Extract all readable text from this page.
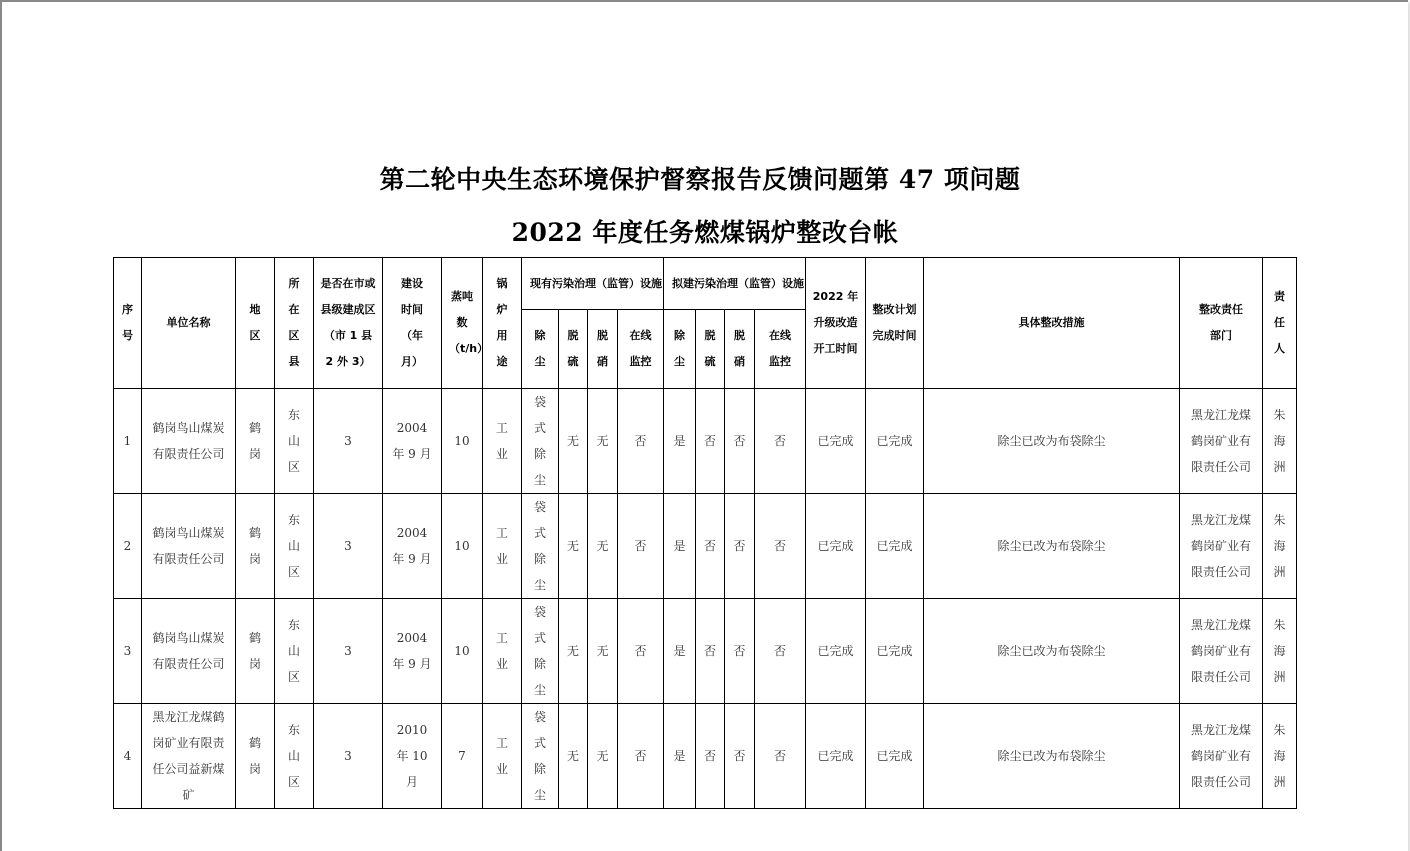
第二轮中央生态环境保护督察报告反馈问题第 47 项问题
2022 年度任务燃煤锅炉整改台帐
序号	单位名称	地区	所在区县	是否在市或县级建成区（市 1 县 2 外 3）	建设时间（年月）	蒸吨数（t/h）	锅炉用途	现有污染治理（监管）设施				拟建污染治理（监管）设施				2022 年升级改造开工时间	整改计划完成时间	具体整改措施	整改责任部门	责任人

								除尘	脱硫	脱硝	在线监控	除尘	脱硫	脱硝	在线监控					

1	鹤岗鸟山煤炭有限责任公司	鹤岗	东山区	3	2004 年 9 月	10	工业	袋式除尘	无	无	否	是	否	否	否	已完成	已完成	除尘已改为布袋除尘	黑龙江龙煤鹤岗矿业有限责任公司	朱海洲

2	鹤岗鸟山煤炭有限责任公司	鹤岗	东山区	3	2004 年 9 月	10	工业	袋式除尘	无	无	否	是	否	否	否	已完成	已完成	除尘已改为布袋除尘	黑龙江龙煤鹤岗矿业有限责任公司	朱海洲

3	鹤岗鸟山煤炭有限责任公司	鹤岗	东山区	3	2004 年 9 月	10	工业	袋式除尘	无	无	否	是	否	否	否	已完成	已完成	除尘已改为布袋除尘	黑龙江龙煤鹤岗矿业有限责任公司	朱海洲

4	黑龙江龙煤鹤岗矿业有限责任公司益新煤矿	鹤岗	东山区	3	2010 年 10 月	7	工业	袋式除尘	无	无	否	是	否	否	否	已完成	已完成	除尘已改为布袋除尘	黑龙江龙煤鹤岗矿业有限责任公司	朱海洲
